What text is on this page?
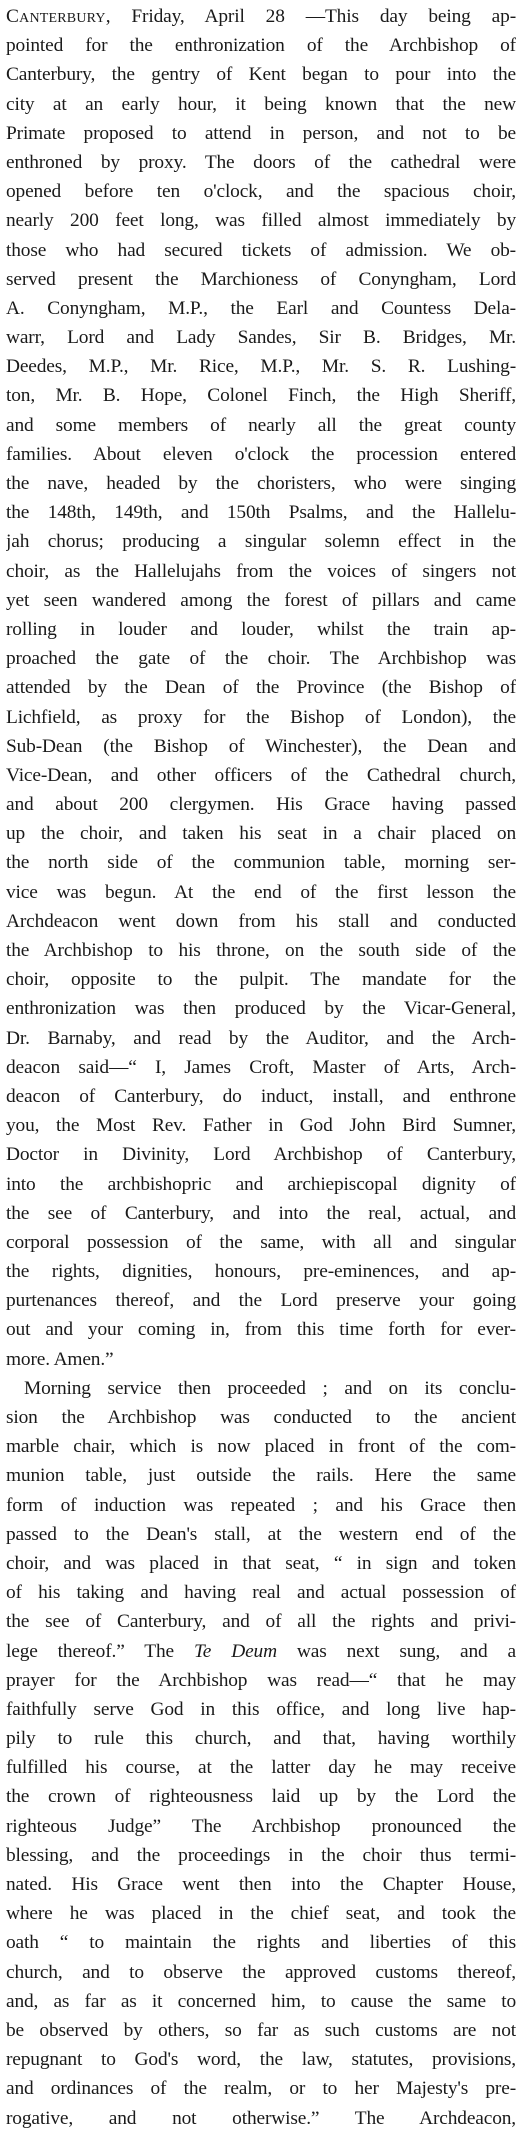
Canterbury, Friday, April 28 —This day being ap-
pointed for the enthronization of the Archbishop of
Canterbury, the gentry of Kent began to pour into the
city at an early hour, it being known that the new
Primate proposed to attend in person, and not to be
enthroned by proxy. The doors of the cathedral were
opened before ten o'clock, and the spacious choir,
nearly 200 feet long, was filled almost immediately by
those who had secured tickets of admission. We ob-
served present the Marchioness of Conyngham, Lord
A. Conyngham, M.P., the Earl and Countess Dela-
warr, Lord and Lady Sandes, Sir B. Bridges, Mr.
Deedes, M.P., Mr. Rice, M.P., Mr. S. R. Lushing-
ton, Mr. B. Hope, Colonel Finch, the High Sheriff,
and some members of nearly all the great county
families. About eleven o'clock the procession entered
the nave, headed by the choristers, who were singing
the 148th, 149th, and 150th Psalms, and the Hallelu-
jah chorus; producing a singular solemn effect in the
choir, as the Hallelujahs from the voices of singers not
yet seen wandered among the forest of pillars and came
rolling in louder and louder, whilst the train ap-
proached the gate of the choir. The Archbishop was
attended by the Dean of the Province (the Bishop of
Lichfield, as proxy for the Bishop of London), the
Sub-Dean (the Bishop of Winchester), the Dean and
Vice-Dean, and other officers of the Cathedral church,
and about 200 clergymen. His Grace having passed
up the choir, and taken his seat in a chair placed on
the north side of the communion table, morning ser-
vice was begun. At the end of the first lesson the
Archdeacon went down from his stall and conducted
the Archbishop to his throne, on the south side of the
choir, opposite to the pulpit. The mandate for the
enthronization was then produced by the Vicar-General,
Dr. Barnaby, and read by the Auditor, and the Arch-
deacon said—“ I, James Croft, Master of Arts, Arch-
deacon of Canterbury, do induct, install, and enthrone
you, the Most Rev. Father in God John Bird Sumner,
Doctor in Divinity, Lord Archbishop of Canterbury,
into the archbishopric and archiepiscopal dignity of
the see of Canterbury, and into the real, actual, and
corporal possession of the same, with all and singular
the rights, dignities, honours, pre-eminences, and ap-
purtenances thereof, and the Lord preserve your going
out and your coming in, from this time forth for ever-
more. Amen.”
Morning service then proceeded ; and on its conclu-
sion the Archbishop was conducted to the ancient
marble chair, which is now placed in front of the com-
munion table, just outside the rails. Here the same
form of induction was repeated ; and his Grace then
passed to the Dean's stall, at the western end of the
choir, and was placed in that seat, “ in sign and token
of his taking and having real and actual possession of
the see of Canterbury, and of all the rights and privi-
lege thereof.” The Te Deum was next sung, and a
prayer for the Archbishop was read—“ that he may
faithfully serve God in this office, and long live hap-
pily to rule this church, and that, having worthily
fulfilled his course, at the latter day he may receive
the crown of righteousness laid up by the Lord the
righteous Judge” The Archbishop pronounced the
blessing, and the proceedings in the choir thus termi-
nated. His Grace went then into the Chapter House,
where he was placed in the chief seat, and took the
oath “ to maintain the rights and liberties of this
church, and to observe the approved customs thereof,
and, as far as it concerned him, to cause the same to
be observed by others, so far as such customs are not
repugnant to God's word, the law, statutes, provisions,
and ordinances of the realm, or to her Majesty's pre-
rogative, and not otherwise.” The Archdeacon,
